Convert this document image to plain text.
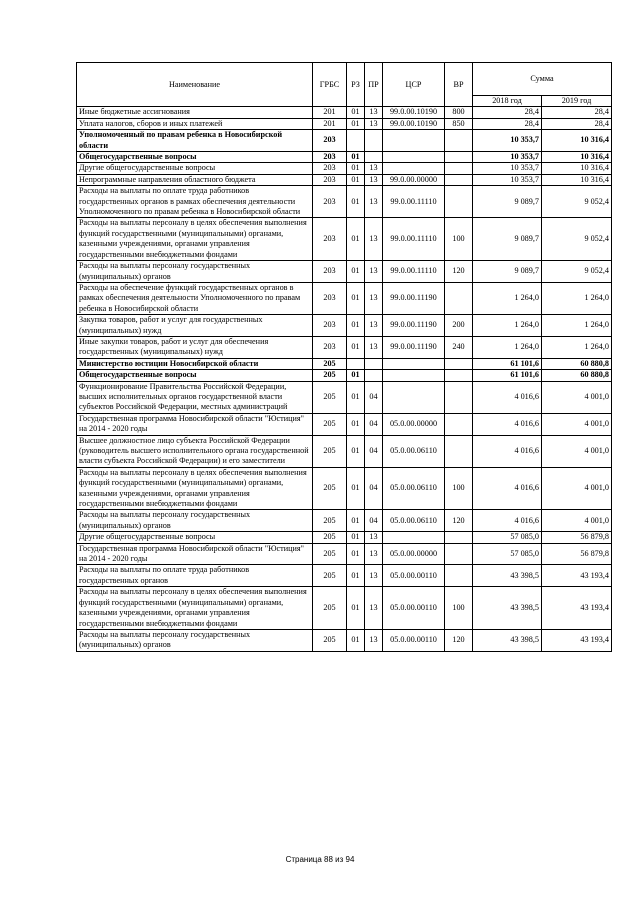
Наименование	ГРБС	РЗ	ПР	ЦСР	ВР	Сумма	
						2018 год	2019 год
Иные бюджетные ассигнования	201	01	13	99.0.00.10190	800	28,4	28,4
Уплата налогов, сборов и иных платежей	201	01	13	99.0.00.10190	850	28,4	28,4
Уполномоченный по правам ребенка в Новосибирской области	203					10 353,7	10 316,4
Общегосударственные вопросы	203	01				10 353,7	10 316,4
Другие общегосударственные вопросы	203	01	13			10 353,7	10 316,4
Непрограммные направления областного бюджета	203	01	13	99.0.00.00000		10 353,7	10 316,4
Расходы на выплаты по оплате труда работников государственных органов в рамках обеспечения деятельности Уполномоченного по правам ребенка в Новосибирской области	203	01	13	99.0.00.11110		9 089,7	9 052,4
Расходы на выплаты персоналу в целях обеспечения выполнения функций государственными (муниципальными) органами, казенными учреждениями, органами управления государственными внебюджетными фондами	203	01	13	99.0.00.11110	100	9 089,7	9 052,4
Расходы на выплаты персоналу государственных (муниципальных) органов	203	01	13	99.0.00.11110	120	9 089,7	9 052,4
Расходы на обеспечение функций государственных органов в рамках обеспечения деятельности Уполномоченного по правам ребенка в Новосибирской области	203	01	13	99.0.00.11190		1 264,0	1 264,0
Закупка товаров, работ и услуг для государственных (муниципальных) нужд	203	01	13	99.0.00.11190	200	1 264,0	1 264,0
Иные закупки товаров, работ и услуг для обеспечения государственных (муниципальных) нужд	203	01	13	99.0.00.11190	240	1 264,0	1 264,0
Министерство юстиции Новосибирской области	205					61 101,6	60 880,8
Общегосударственные вопросы	205	01				61 101,6	60 880,8
Функционирование Правительства Российской Федерации, высших исполнительных органов государственной власти субъектов Российской Федерации, местных администраций	205	01	04			4 016,6	4 001,0
Государственная программа Новосибирской области "Юстиция" на 2014 - 2020 годы	205	01	04	05.0.00.00000		4 016,6	4 001,0
Высшее должностное лицо субъекта Российской Федерации (руководитель высшего исполнительного органа государственной власти субъекта Российской Федерации) и его заместители	205	01	04	05.0.00.06110		4 016,6	4 001,0
Расходы на выплаты персоналу в целях обеспечения выполнения функций государственными (муниципальными) органами, казенными учреждениями, органами управления государственными внебюджетными фондами	205	01	04	05.0.00.06110	100	4 016,6	4 001,0
Расходы на выплаты персоналу государственных (муниципальных) органов	205	01	04	05.0.00.06110	120	4 016,6	4 001,0
Другие общегосударственные вопросы	205	01	13			57 085,0	56 879,8
Государственная программа Новосибирской области "Юстиция" на 2014 - 2020 годы	205	01	13	05.0.00.00000		57 085,0	56 879,8
Расходы на выплаты по оплате труда работников государственных органов	205	01	13	05.0.00.00110		43 398,5	43 193,4
Расходы на выплаты персоналу в целях обеспечения выполнения функций государственными (муниципальными) органами, казенными учреждениями, органами управления государственными внебюджетными фондами	205	01	13	05.0.00.00110	100	43 398,5	43 193,4
Расходы на выплаты персоналу государственных (муниципальных) органов	205	01	13	05.0.00.00110	120	43 398,5	43 193,4
Страница 88 из 94
